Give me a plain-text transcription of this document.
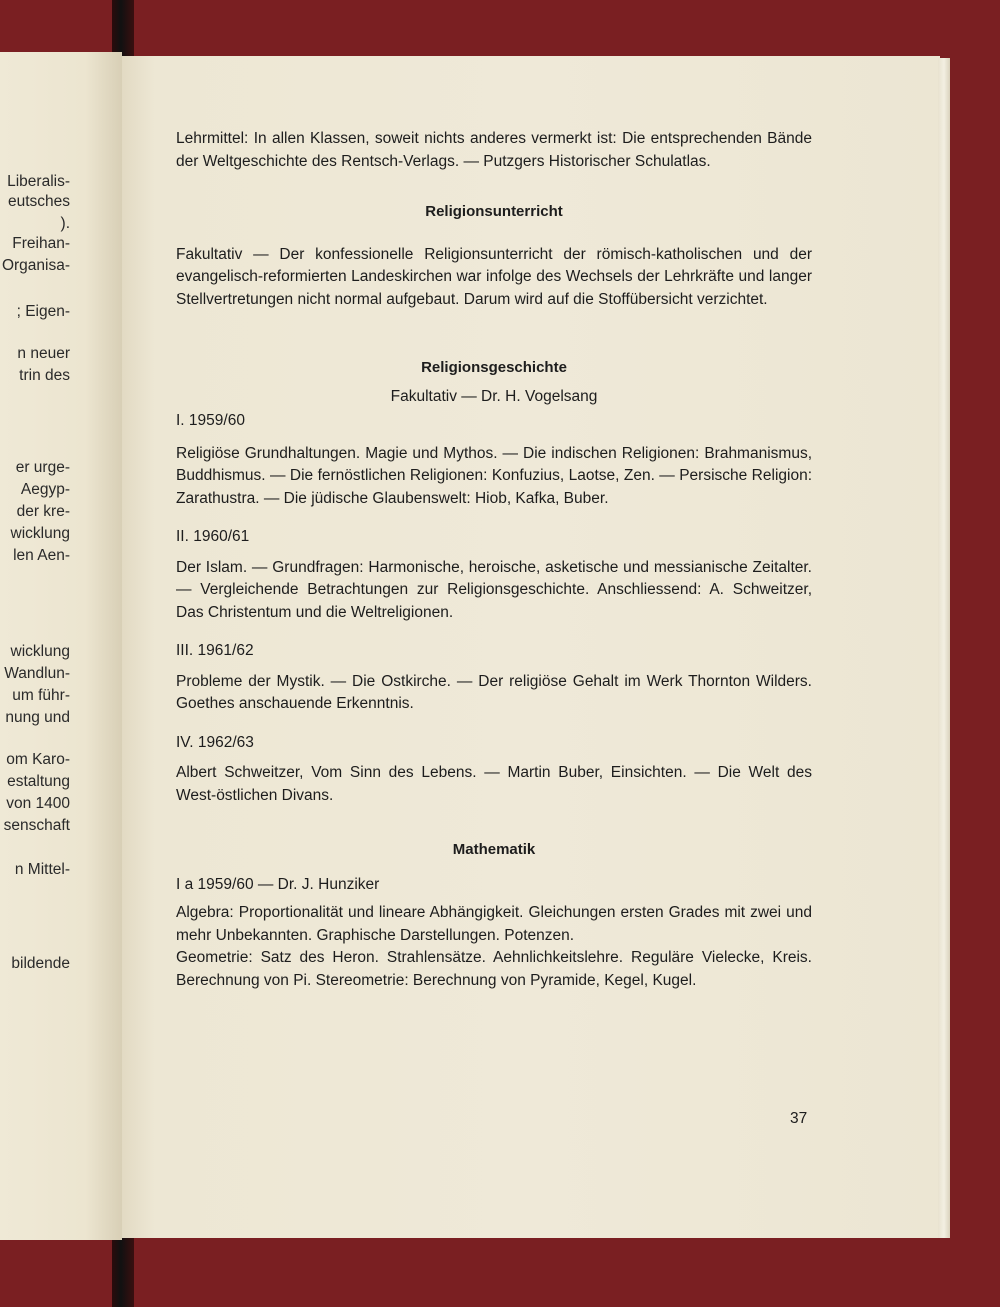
Liberalis-
eutsches
).
Freihan-
Organisa-
; Eigen-
n neuer
trin des
er urge-
Aegyp-
der kre-
wicklung
len Aen-
wicklung
Wandlun-
um führ-
nung und
om Karo-
estaltung
von 1400
senschaft
n Mittel-
bildende

Lehrmittel: In allen Klassen, soweit nichts anderes vermerkt ist: Die entsprechenden Bände der Weltgeschichte des Rentsch-Verlags. — Putzgers Historischer Schulatlas.

Religionsunterricht

Fakultativ — Der konfessionelle Religionsunterricht der römisch-katholischen und der evangelisch-reformierten Landeskirchen war infolge des Wechsels der Lehrkräfte und langer Stellvertretungen nicht normal aufgebaut. Darum wird auf die Stoffübersicht verzichtet.

Religionsgeschichte

Fakultativ — Dr. H. Vogelsang

I. 1959/60

Religiöse Grundhaltungen. Magie und Mythos. — Die indischen Religionen: Brahmanismus, Buddhismus. — Die fernöstlichen Religionen: Konfuzius, Laotse, Zen. — Persische Religion: Zarathustra. — Die jüdische Glaubenswelt: Hiob, Kafka, Buber.

II. 1960/61

Der Islam. — Grundfragen: Harmonische, heroische, asketische und messianische Zeitalter. — Vergleichende Betrachtungen zur Religionsgeschichte. Anschliessend: A. Schweitzer, Das Christentum und die Weltreligionen.

III. 1961/62

Probleme der Mystik. — Die Ostkirche. — Der religiöse Gehalt im Werk Thornton Wilders. Goethes anschauende Erkenntnis.

IV. 1962/63

Albert Schweitzer, Vom Sinn des Lebens. — Martin Buber, Einsichten. — Die Welt des West-östlichen Divans.

Mathematik

I a 1959/60 — Dr. J. Hunziker

Algebra: Proportionalität und lineare Abhängigkeit. Gleichungen ersten Grades mit zwei und mehr Unbekannten. Graphische Darstellungen. Potenzen.

Geometrie: Satz des Heron. Strahlensätze. Aehnlichkeitslehre. Reguläre Vielecke, Kreis. Berechnung von Pi. Stereometrie: Berechnung von Pyramide, Kegel, Kugel.

37
